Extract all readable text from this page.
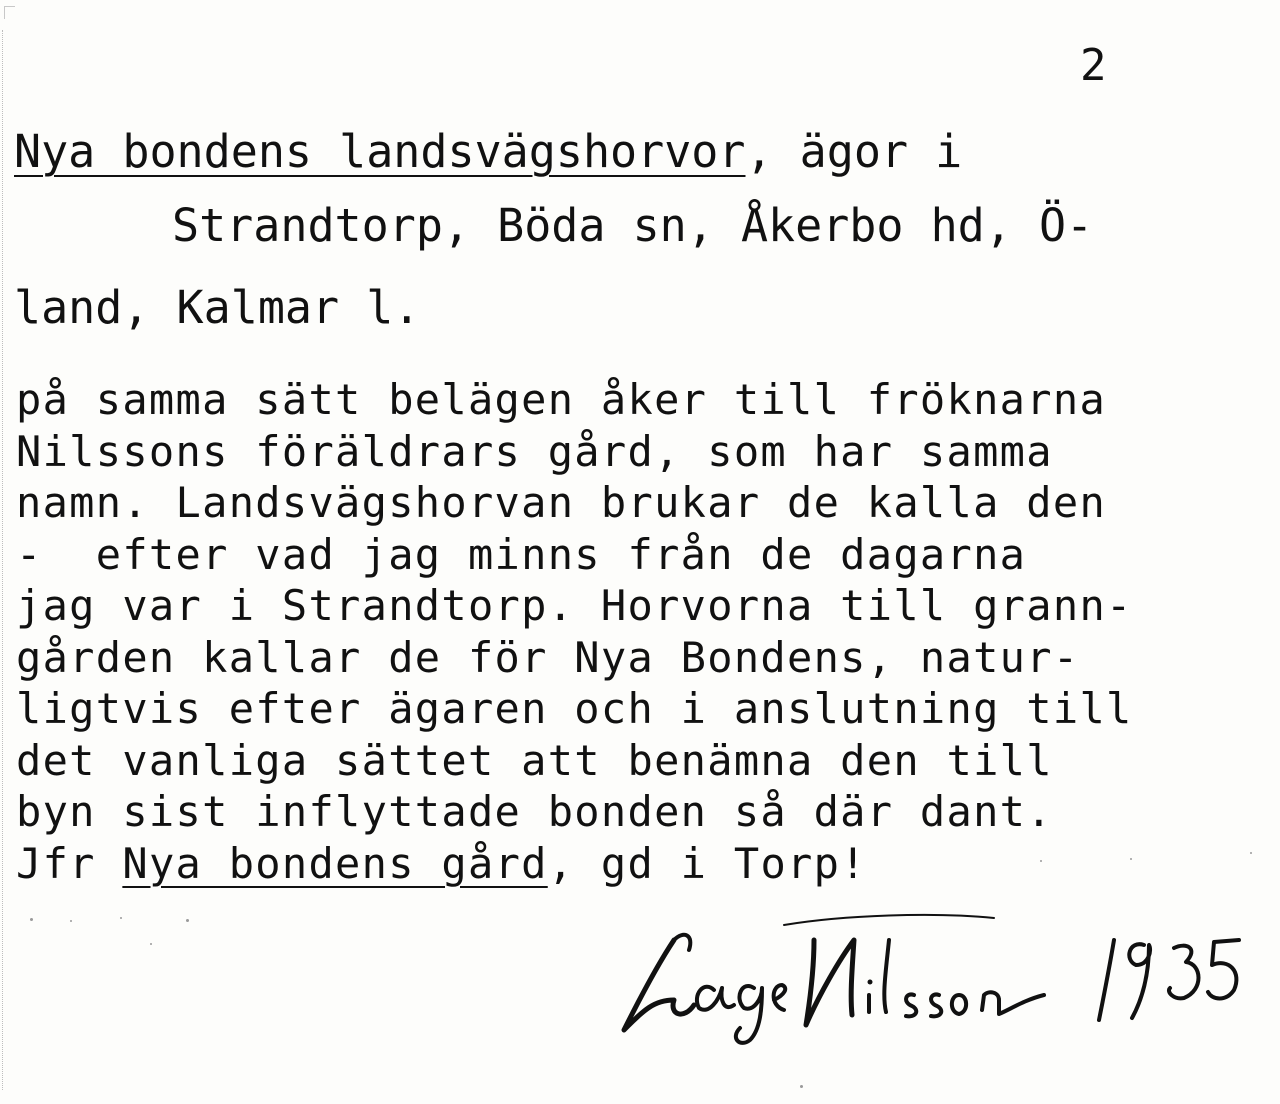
2
Nya bondens landsvägshorvor, ägor i
Strandtorp, Böda sn, Åkerbo hd, Ö-
land, Kalmar l.
på samma sätt belägen åker till fröknarna
Nilssons föräldrars gård, som har samma
namn. Landsvägshorvan brukar de kalla den
-  efter vad jag minns från de dagarna
jag var i Strandtorp. Horvorna till grann-
gården kallar de för Nya Bondens, natur-
ligtvis efter ägaren och i anslutning till
det vanliga sättet att benämna den till
byn sist inflyttade bonden så där dant.
Jfr Nya bondens gård, gd i Torp!
Lage Nilsson 1935
